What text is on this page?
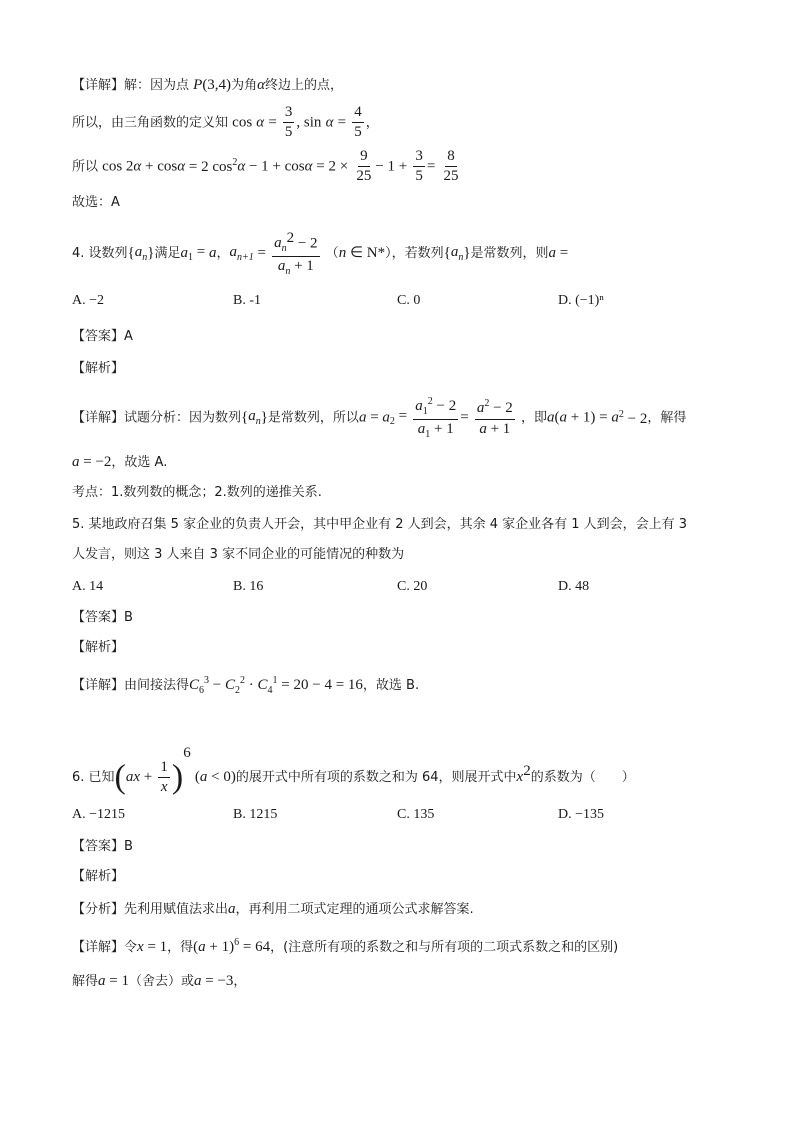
【详解】解：因为点 P(3,4)为角α终边上的点，
所以，由三角函数的定义知 $\cos \alpha = \frac{3}{5}$ , $\sin \alpha = \frac{4}{5}$ ，
所以 cos 2α + cosα = 2 $\cos^2\alpha - 1 + \cos\alpha = 2 \times \frac{9}{25} - 1 + \frac{3}{5} = \frac{8}{25}$
故选：A
4. 设数列$\{a_n\}$满足$a_1 = a$，$a_{n+1} = \frac{a_n^2 - 2}{a_n + 1} (n$ ∈ N*），若数列$\{a_n\}$是常数列，则a =
A. −2	B. -1	C. 0	D. (−1)ⁿ
【答案】A
【解析】
【详解】试题分析：因为数列$\{a_n\}$是常数列，所以$a = a_2 = \frac{a_1^2 - 2}{a_1 + 1} = \frac{a^2 - 2}{a + 1}$ ，即$a(a + 1) = a^2 - 2$，解得
a = −2，故选 A.
考点：1.数列数的概念；2.数列的递推关系.
5. 某地政府召集 5 家企业的负责人开会，其中甲企业有 2 人到会，其余 4 家企业各有 1 人到会，会上有 3
人发言，则这 3 人来自 3 家不同企业的可能情况的种数为
A. 14	B. 16	C. 20	D. 48
【答案】B
【解析】
【详解】由间接法得$C_6^3 - C_2^2 \cdot C_4^1 = 20 - 4 = 16$，故选 B.
6. 已知$(ax + \frac{1}{x} )^6$ (a < 0)的展开式中所有项的系数之和为 64，则展开式中$x^2$的系数为（　　）
A. −1215	B. 1215	C. 135	D. −135
【答案】B
【解析】
【分析】先利用赋值法求出a，再利用二项式定理的通项公式求解答案.
【详解】令x = 1，得$(a + 1)^6 = 64$，(注意所有项的系数之和与所有项的二项式系数之和的区别)
解得a = 1（舍去）或a = −3，
